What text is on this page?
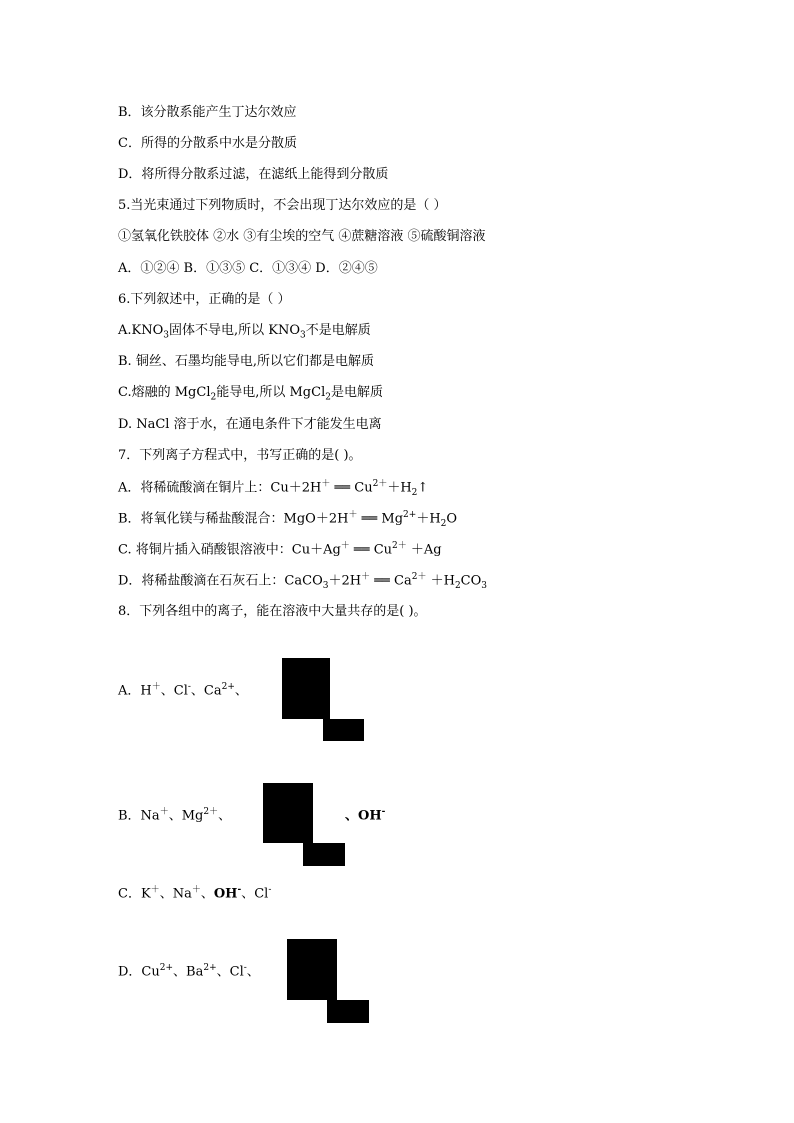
B．该分散系能产生丁达尔效应
C．所得的分散系中水是分散质
D．将所得分散系过滤，在滤纸上能得到分散质
5.当光束通过下列物质时，不会出现丁达尔效应的是（ ）
①氢氧化铁胶体 ②水 ③有尘埃的空气 ④蔗糖溶液 ⑤硫酸铜溶液
A．①②④ B．①③⑤ C．①③④ D．②④⑤
6.下列叙述中，正确的是（ ）
$A.KNO_3$固体不导电,所以 $KNO_3$不是电解质
B. 铜丝、石墨均能导电,所以它们都是电解质
C.熔融的 MgCl$_2$能导电,所以 MgCl$_2$是电解质
D. NaCl 溶于水，在通电条件下才能发生电离
7．下列离子方程式中，书写正确的是( )。
A．将稀硫酸滴在铜片上：Cu＋2H＋ ══ $Cu^{2+}+H_2↑$
B．将氧化镁与稀盐酸混合：MgO＋2H＋ ══ $Mg^{2+}+H_2O$
C. 将铜片插入硝酸银溶液中：Cu＋Ag＋ ══ $Cu^{2+} +Ag$
D．将稀盐酸滴在石灰石上：CaCO$_3$＋2H＋ ══ $Ca^{2+} +H_2CO_3$
8．下列各组中的离子，能在溶液中大量共存的是( )。
A．H＋、Cl-、$Ca^{2+}$、
B．Na＋、$Mg^{2+}$、	、OH-
C．K＋、Na＋、OH-、Cl-
D．$Cu^{2+}$、$Ba^{2+}$、Cl-、
